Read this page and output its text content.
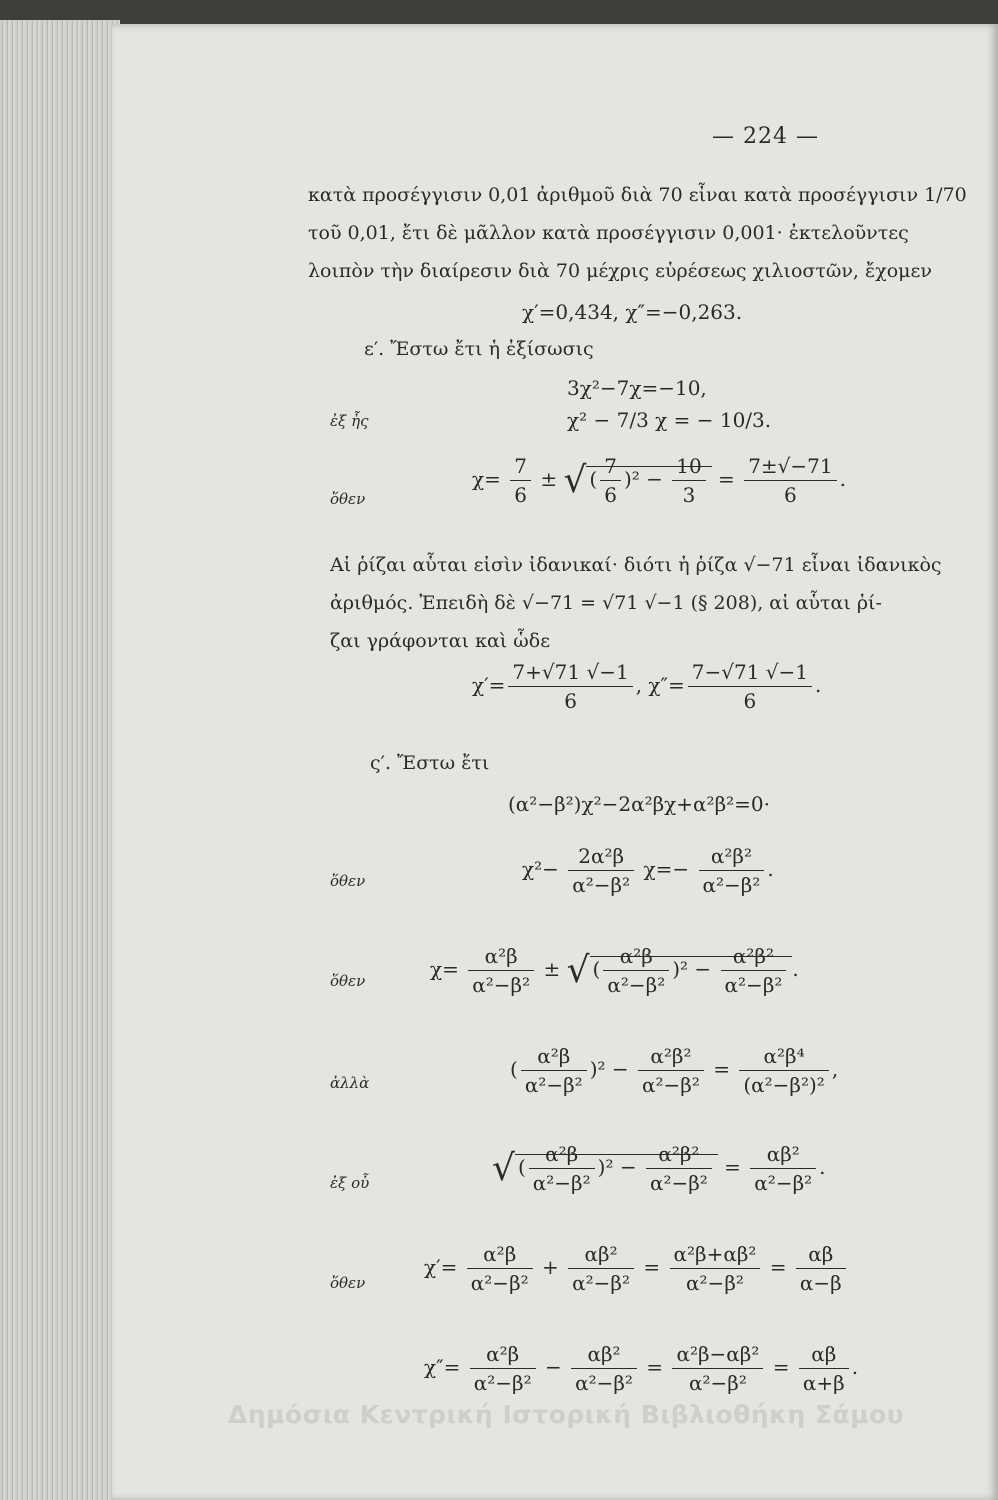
— 224 —
κατὰ προσέγγισιν 0,01 ἀριθμοῦ διὰ 70 εἶναι κατὰ προσέγγισιν 1/70
τοῦ 0,01, ἔτι δὲ μᾶλλον κατὰ προσέγγισιν 0,001· ἐκτελοῦντες
λοιπὸν τὴν διαίρεσιν διὰ 70 μέχρις εὑρέσεως χιλιοστῶν, ἔχομεν
χ′=0,434, χ″=−0,263.
ε′. Ἔστω ἔτι ἡ ἐξίσωσις
3χ²−7χ=−10,
ἐξ ἧς	χ² − 7/3 χ = − 10/3.
ὅθεν
$\chi= \frac{7}{6}$ ± √ ( $\frac{7}{6} )^2 - \frac{10}{3} = \frac{7\pm√-71}{6}$ .
Αἱ ῥίζαι αὗται εἰσὶν ἰδανικαί· διότι ἡ ῥίζα √−71 εἶναι ἰδανικὸς
ἀριθμός. Ἐπειδὴ δὲ √−71 = √71 √−1 (§ 208), αἱ αὗται ῥί-
ζαι γράφονται καὶ ὧδε
$\chi'= \frac{7+√71 √-1}{6}$ , $\chi''= \frac{7-√71 √-1}{6}$ .
ς′. Ἔστω ἔτι
(α²−β²)χ²−2α²βχ+α²β²=0·
ὅθεν	$\chi^2- \frac{\text{2α²β}}{\text{α²−β²}} \chi=- \frac{\text{α²β²}}{\text{α²−β²}}$ .
ὅθεν	$\chi= \frac{\text{α²β}}{\text{α²−β²}}$ ± √ ( $\frac{\text{α²β}}{\text{α²−β²}} )^2 - \frac{\text{α²β²}}{\text{α²−β²}}$ .
ἀλλὰ
( $\frac{\text{α²β}}{\text{α²−β²}} )^2 - \frac{\text{α²β²}}{\text{α²−β²}} = \frac{\text{α²β⁴}}{\text{(α²−β²)²}}$ ,
ἐξ οὗ	√ ( $\frac{\text{α²β}}{\text{α²−β²}} )^2 - \frac{\text{α²β²}}{\text{α²−β²}} = \frac{\text{αβ²}}{\text{α²−β²}}$ .
ὅθεν
$\chi'= \frac{\text{α²β}}{\text{α²−β²}} + \frac{\text{αβ²}}{\text{α²−β²}} = \frac{\text{α²β+αβ²}}{\text{α²−β²}} = \frac{\alpha\beta}{\alpha-\beta}$
$\chi''= \frac{\text{α²β}}{\text{α²−β²}} - \frac{\text{αβ²}}{\text{α²−β²}} = \frac{\text{α²β−αβ²}}{\text{α²−β²}} = \frac{\alpha\beta}{\alpha+\beta}$ .
Δημόσια Κεντρική Ιστορική Βιβλιοθήκη Σάμου
